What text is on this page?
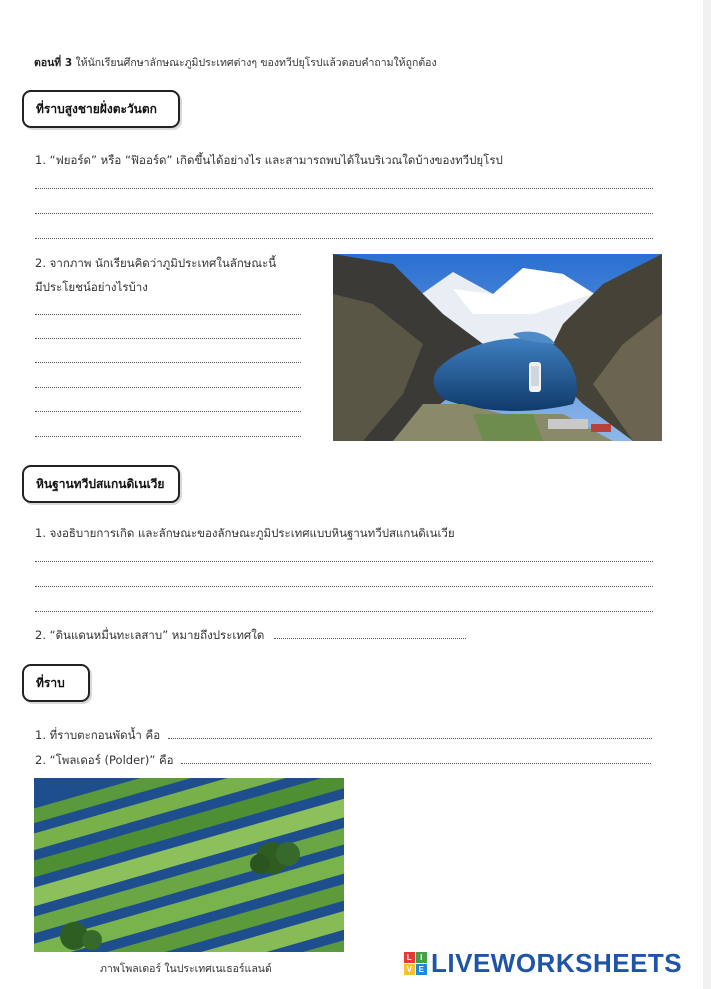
ตอนที่ 3 ให้นักเรียนศึกษาลักษณะภูมิประเทศต่างๆ ของทวีปยุโรปแล้วตอบคำถามให้ถูกต้อง
ที่ราบสูงชายฝั่งตะวันตก
1. “ฟยอร์ด” หรือ “ฟิออร์ด” เกิดขึ้นได้อย่างไร และสามารถพบได้ในบริเวณใดบ้างของทวีปยุโรป
2. จากภาพ นักเรียนคิดว่าภูมิประเทศในลักษณะนี้
มีประโยชน์อย่างไรบ้าง
หินฐานทวีปสแกนดิเนเวีย
1. จงอธิบายการเกิด และลักษณะของลักษณะภูมิประเทศแบบหินฐานทวีปสแกนดิเนเวีย
2. “ดินแดนหมื่นทะเลสาบ” หมายถึงประเทศใด
ที่ราบ
1. ที่ราบตะกอนพัดน้ำ คือ
2. “โพลเดอร์ (Polder)” คือ
ภาพโพลเดอร์ ในประเทศเนเธอร์แลนด์
L I
V E LIVEWORKSHEETS
